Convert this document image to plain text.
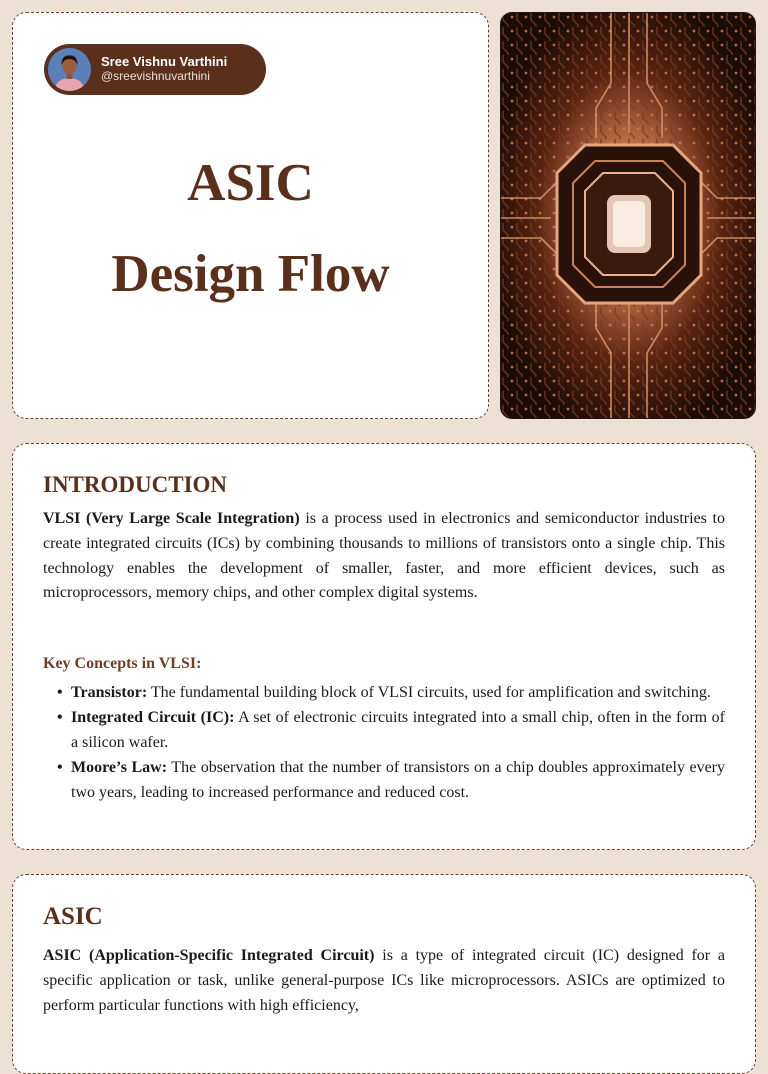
Sree Vishnu Varthini
@sreevishnuvarthini
ASIC
Design Flow
INTRODUCTION

VLSI (Very Large Scale Integration) is a process used in electronics and semiconductor industries to create integrated circuits (ICs) by combining thousands to millions of transistors onto a single chip. This technology enables the development of smaller, faster, and more efficient devices, such as microprocessors, memory chips, and other complex digital systems.

Key Concepts in VLSI:
• Transistor: The fundamental building block of VLSI circuits, used for amplification and switching.
• Integrated Circuit (IC): A set of electronic circuits integrated into a small chip, often in the form of a silicon wafer.
• Moore’s Law: The observation that the number of transistors on a chip doubles approximately every two years, leading to increased performance and reduced cost.
ASIC

ASIC (Application-Specific Integrated Circuit) is a type of integrated circuit (IC) designed for a specific application or task, unlike general-purpose ICs like microprocessors. ASICs are optimized to perform particular functions with high efficiency,
